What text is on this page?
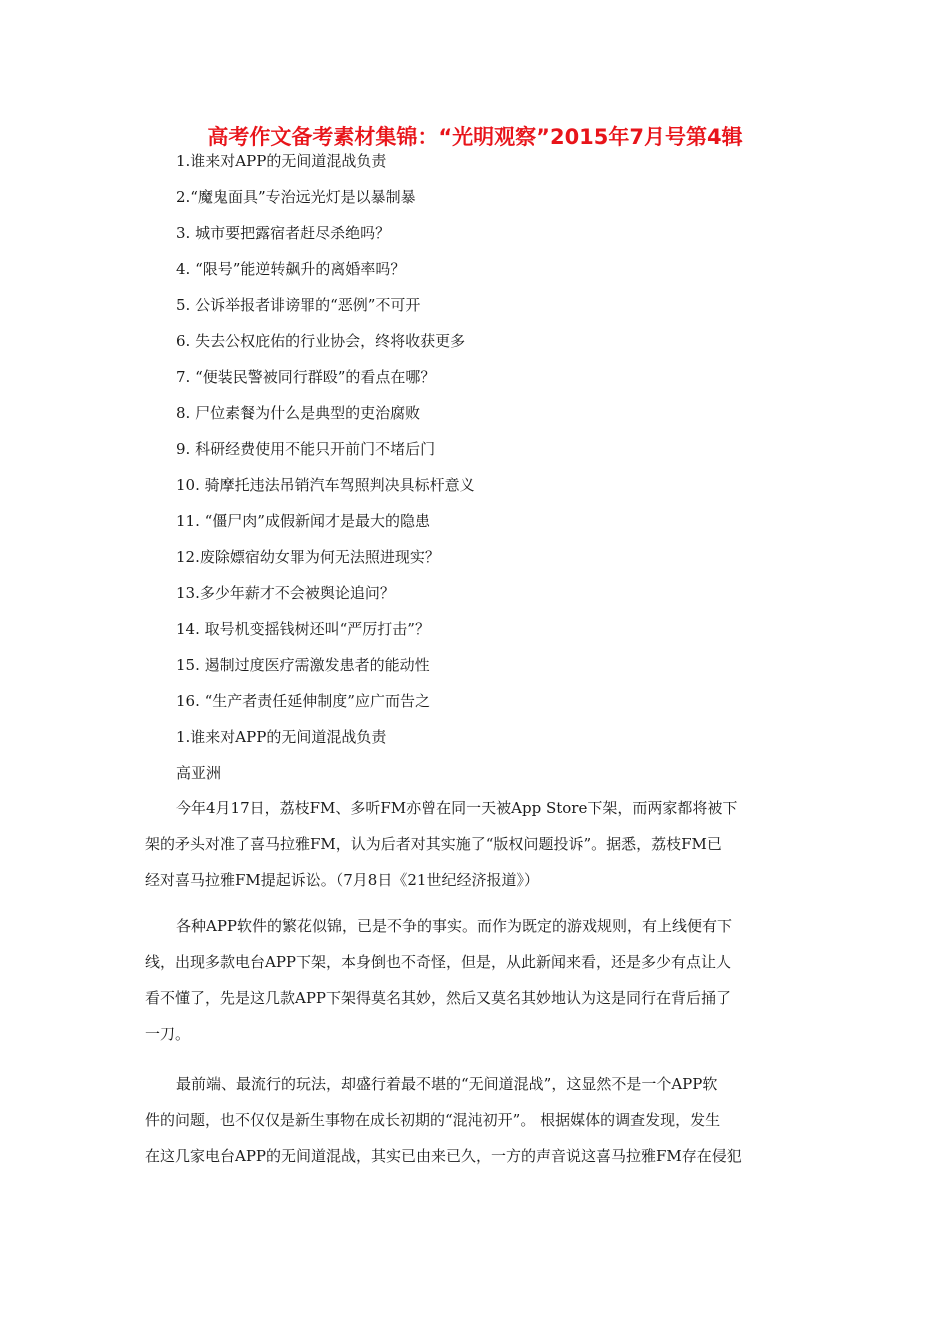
高考作文备考素材集锦：“光明观察”2015年7月号第4辑
1.谁来对APP的无间道混战负责
2.“魔鬼面具”专治远光灯是以暴制暴
3. 城市要把露宿者赶尽杀绝吗？
4. “限号”能逆转飙升的离婚率吗？
5. 公诉举报者诽谤罪的“恶例”不可开
6. 失去公权庇佑的行业协会，终将收获更多
7. “便装民警被同行群殴”的看点在哪？
8. 尸位素餐为什么是典型的吏治腐败
9. 科研经费使用不能只开前门不堵后门
10. 骑摩托违法吊销汽车驾照判决具标杆意义
11. “僵尸肉”成假新闻才是最大的隐患
12.废除嫖宿幼女罪为何无法照进现实？
13.多少年薪才不会被舆论追问？
14. 取号机变摇钱树还叫“严厉打击”？
15. 遏制过度医疗需激发患者的能动性
16. “生产者责任延伸制度”应广而告之
1.谁来对APP的无间道混战负责
高亚洲
今年4月17日，荔枝FM、多听FM亦曾在同一天被App Store下架，而两家都将被下
架的矛头对准了喜马拉雅FM，认为后者对其实施了“版权问题投诉”。据悉，荔枝FM已
经对喜马拉雅FM提起诉讼。（7月8日《21世纪经济报道》）
各种APP软件的繁花似锦，已是不争的事实。而作为既定的游戏规则，有上线便有下
线，出现多款电台APP下架，本身倒也不奇怪，但是，从此新闻来看，还是多少有点让人
看不懂了，先是这几款APP下架得莫名其妙，然后又莫名其妙地认为这是同行在背后捅了
一刀。
最前端、最流行的玩法，却盛行着最不堪的“无间道混战”，这显然不是一个APP软
件的问题，也不仅仅是新生事物在成长初期的“混沌初开”。 根据媒体的调查发现，发生
在这几家电台APP的无间道混战，其实已由来已久，一方的声音说这喜马拉雅FM存在侵犯
